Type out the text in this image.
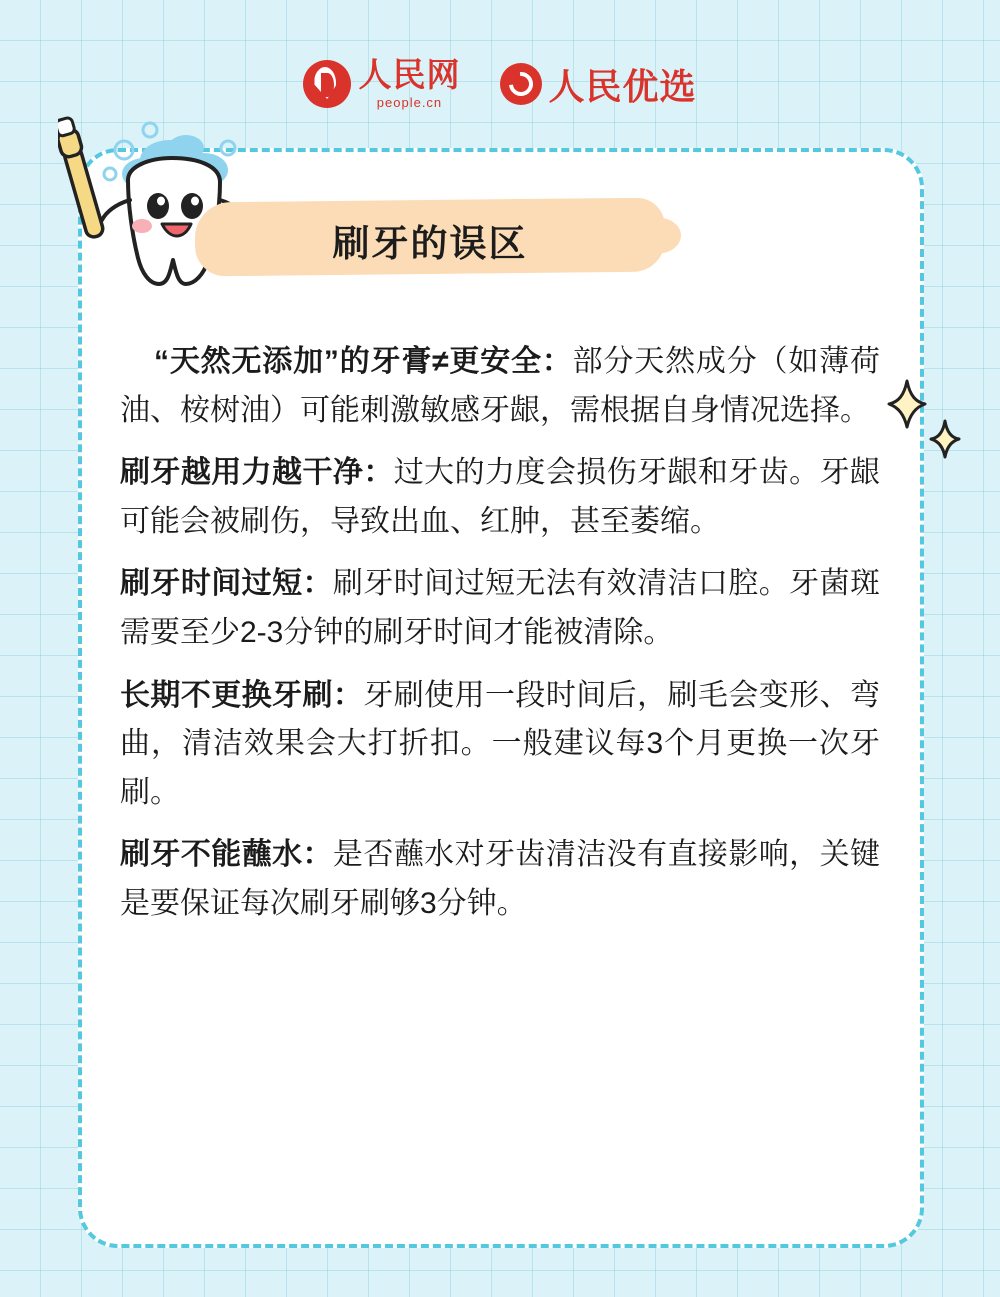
人民网
people.cn	人民优选
刷牙的误区

“天然无添加”的牙膏≠更安全：部分天然成分（如薄荷油、桉树油）可能刺激敏感牙龈，需根据自身情况选择。

刷牙越用力越干净：过大的力度会损伤牙龈和牙齿。牙龈可能会被刷伤，导致出血、红肿，甚至萎缩。

刷牙时间过短：刷牙时间过短无法有效清洁口腔。牙菌斑需要至少2-3分钟的刷牙时间才能被清除。

长期不更换牙刷：牙刷使用一段时间后，刷毛会变形、弯曲，清洁效果会大打折扣。一般建议每3个月更换一次牙刷。

刷牙不能蘸水：是否蘸水对牙齿清洁没有直接影响，关键是要保证每次刷牙刷够3分钟。
